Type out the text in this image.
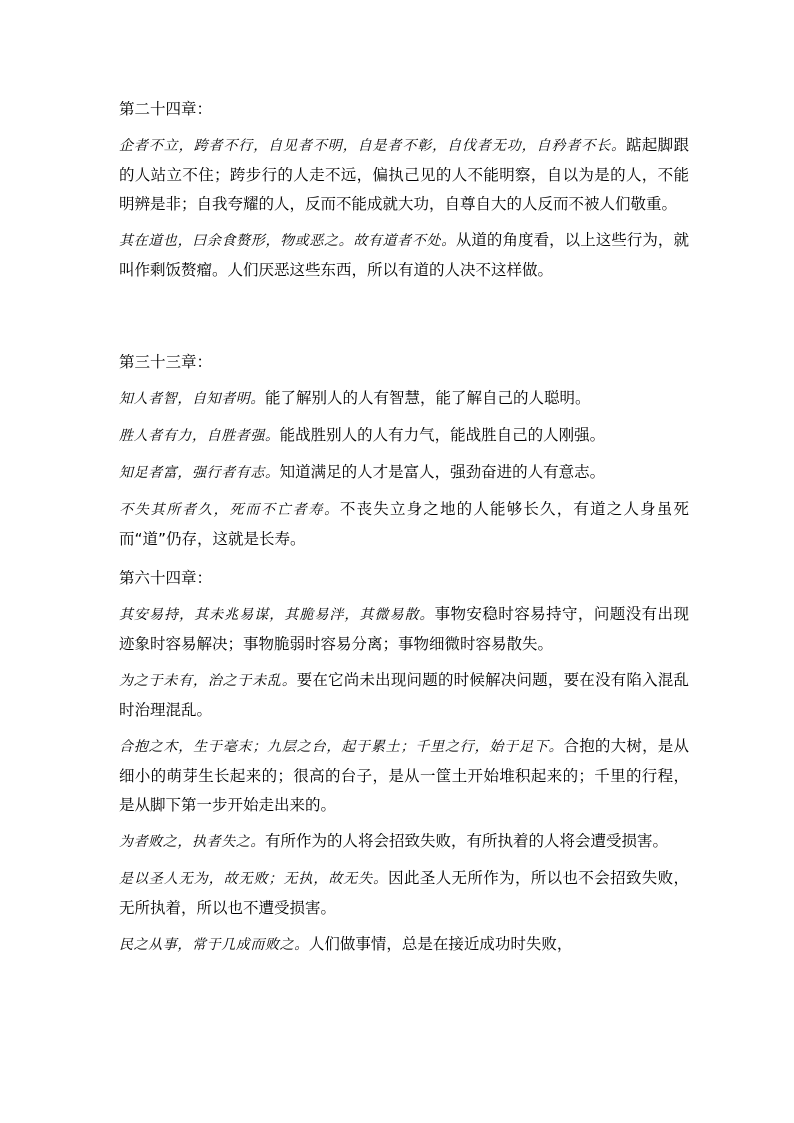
第二十四章：

企者不立，跨者不行，自见者不明，自是者不彰，自伐者无功，自矜者不长。踮起脚跟的人站立不住；跨步行的人走不远，偏执己见的人不能明察，自以为是的人，不能明辨是非；自我夸耀的人，反而不能成就大功，自尊自大的人反而不被人们敬重。

其在道也，曰余食赘形，物或恶之。故有道者不处。从道的角度看，以上这些行为，就叫作剩饭赘瘤。人们厌恶这些东西，所以有道的人决不这样做。

第三十三章：

知人者智，自知者明。能了解别人的人有智慧，能了解自己的人聪明。

胜人者有力，自胜者强。能战胜别人的人有力气，能战胜自己的人刚强。

知足者富，强行者有志。知道满足的人才是富人，强劲奋进的人有意志。

不失其所者久，死而不亡者寿。不丧失立身之地的人能够长久，有道之人身虽死而“道”仍存，这就是长寿。

第六十四章：

其安易持，其未兆易谋，其脆易泮，其微易散。事物安稳时容易持守，问题没有出现迹象时容易解决；事物脆弱时容易分离；事物细微时容易散失。

为之于未有，治之于未乱。要在它尚未出现问题的时候解决问题，要在没有陷入混乱时治理混乱。

合抱之木，生于毫末；九层之台，起于累土；千里之行，始于足下。合抱的大树，是从细小的萌芽生长起来的；很高的台子，是从一筐土开始堆积起来的；千里的行程，是从脚下第一步开始走出来的。

为者败之，执者失之。有所作为的人将会招致失败，有所执着的人将会遭受损害。

是以圣人无为，故无败；无执，故无失。因此圣人无所作为，所以也不会招致失败，无所执着，所以也不遭受损害。

民之从事，常于几成而败之。人们做事情，总是在接近成功时失败，
